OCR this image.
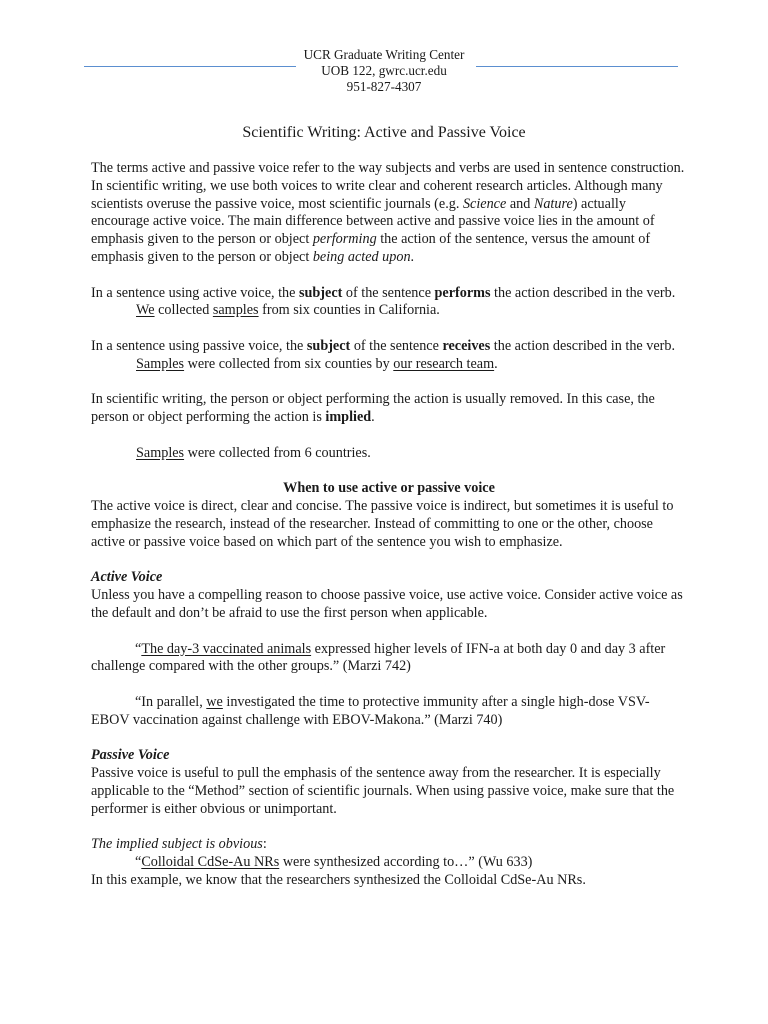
UCR Graduate Writing Center
UOB 122, gwrc.ucr.edu
951-827-4307
Scientific Writing: Active and Passive Voice

The terms active and passive voice refer to the way subjects and verbs are used in sentence construction. In scientific writing, we use both voices to write clear and coherent research articles. Although many scientists overuse the passive voice, most scientific journals (e.g. Science and Nature) actually encourage active voice. The main difference between active and passive voice lies in the amount of emphasis given to the person or object performing the action of the sentence, versus the amount of emphasis given to the person or object being acted upon.

In a sentence using active voice, the subject of the sentence performs the action described in the verb.

We collected samples from six counties in California.

In a sentence using passive voice, the subject of the sentence receives the action described in the verb.

Samples were collected from six counties by our research team.

In scientific writing, the person or object performing the action is usually removed. In this case, the person or object performing the action is implied.

Samples were collected from 6 countries.

When to use active or passive voice

The active voice is direct, clear and concise. The passive voice is indirect, but sometimes it is useful to emphasize the research, instead of the researcher. Instead of committing to one or the other, choose active or passive voice based on which part of the sentence you wish to emphasize.

Active Voice

Unless you have a compelling reason to choose passive voice, use active voice. Consider active voice as the default and don’t be afraid to use the first person when applicable.

“The day-3 vaccinated animals expressed higher levels of IFN-a at both day 0 and day 3 after challenge compared with the other groups.” (Marzi 742)

“In parallel, we investigated the time to protective immunity after a single high-dose VSV-EBOV vaccination against challenge with EBOV-Makona.” (Marzi 740)

Passive Voice

Passive voice is useful to pull the emphasis of the sentence away from the researcher. It is especially applicable to the “Method” section of scientific journals. When using passive voice, make sure that the performer is either obvious or unimportant.

The implied subject is obvious:

“Colloidal CdSe-Au NRs were synthesized according to…” (Wu 633)

In this example, we know that the researchers synthesized the Colloidal CdSe-Au NRs.
